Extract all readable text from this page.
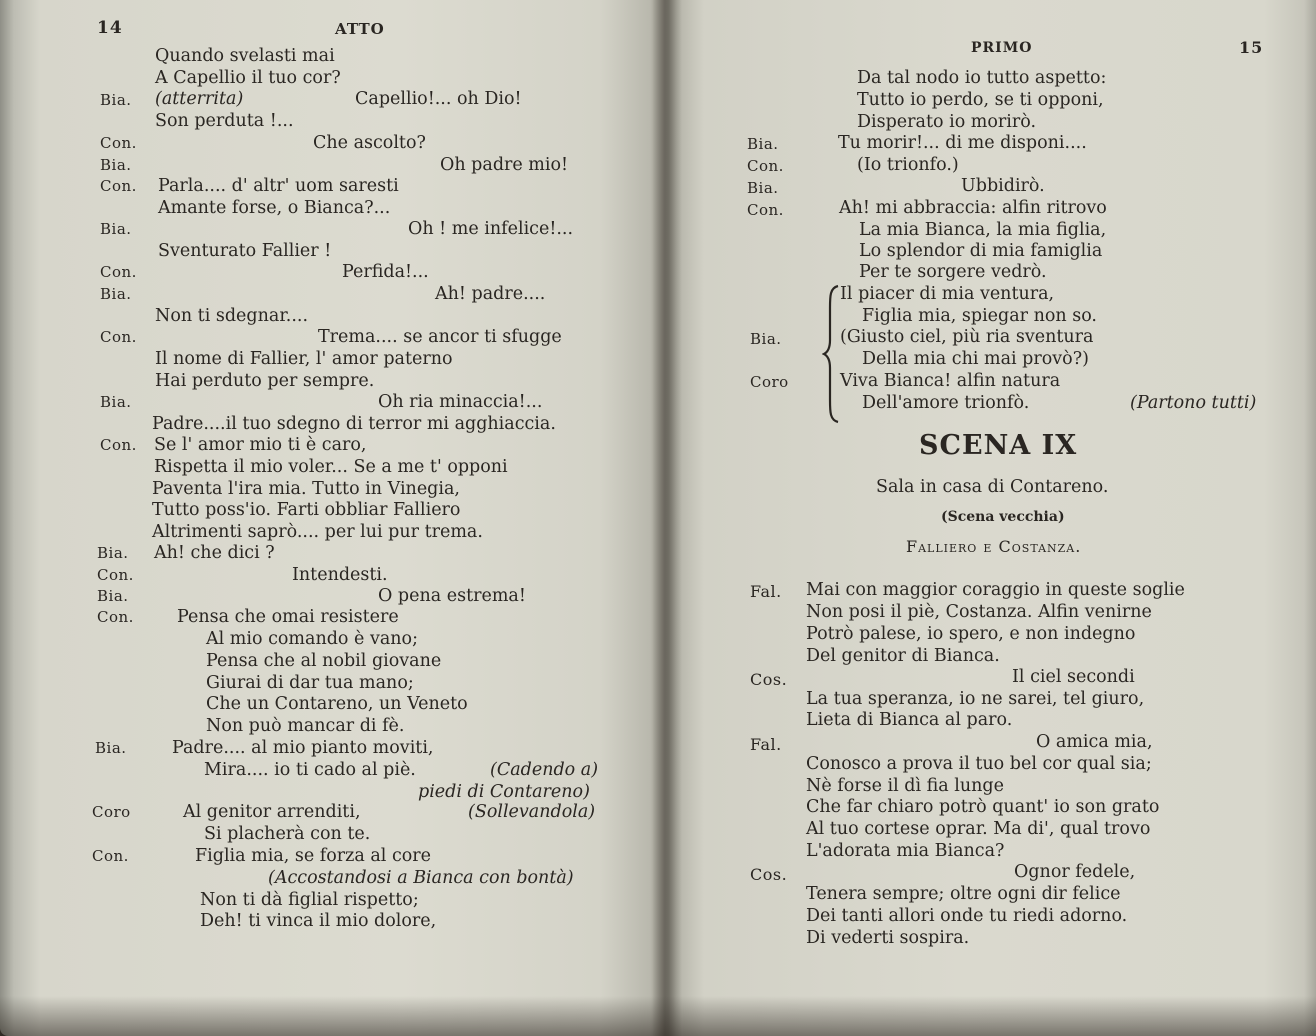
14	ATTO
Quando svelasti mai
A Capellio il tuo cor?
Bia. (atterrita)	Capellio!... oh Dio!
Son perduta !...
Con.	Che ascolto?
Bia.	Oh padre mio!
Con. Parla.... d' altr' uom saresti
Amante forse, o Bianca?...
Bia.	Oh ! me infelice!...
Sventurato Fallier !
Con.	Perfida!...
Bia.	Ah! padre....
Non ti sdegnar....
Con.	Trema.... se ancor ti sfugge
Il nome di Fallier, l' amor paterno
Hai perduto per sempre.
Bia.	Oh ria minaccia!...
Padre....il tuo sdegno di terror mi agghiaccia.
Con. Se l' amor mio ti è caro,
Rispetta il mio voler... Se a me t' opponi
Paventa l'ira mia. Tutto in Vinegia,
Tutto poss'io. Farti obbliar Falliero
Altrimenti saprò.... per lui pur trema.
Bia. Ah! che dici ?
Con.	Intendesti.
Bia.	O pena estrema!
Con. Pensa che omai resistere
Al mio comando è vano;
Pensa che al nobil giovane
Giurai di dar tua mano;
Che un Contareno, un Veneto
Non può mancar di fè.
Bia.	Padre.... al mio pianto moviti,
Mira.... io ti cado al piè.	(Cadendo a)
piedi di Contareno)
Coro	Al genitor arrenditi,	(Sollevandola)
Si placherà con te.
Con.	Figlia mia, se forza al core
(Accostandosi a Bianca con bontà)
Non ti dà figlial rispetto;
Deh! ti vinca il mio dolore,
PRIMO	15
Da tal nodo io tutto aspetto:
Tutto io perdo, se ti opponi,
Disperato io morirò.
Bia.	Tu morir!... di me disponi....
Con.	(Io trionfo.)
Bia.	Ubbidirò.
Con.	Ah! mi abbraccia: alfin ritrovo
La mia Bianca, la mia figlia,
Lo splendor di mia famiglia
Per te sorgere vedrò.
Il piacer di mia ventura,
Figlia mia, spiegar non so.
Bia.	(Giusto ciel, più ria sventura
Della mia chi mai provò?)
Coro	Viva Bianca! alfin natura
Dell'amore trionfò.	(Partono tutti)
SCENA IX
Sala in casa di Contareno.
(Scena vecchia)
Falliero e Costanza.
Fal. Mai con maggior coraggio in queste soglie
Non posi il piè, Costanza. Alfin venirne
Potrò palese, io spero, e non indegno
Del genitor di Bianca.
Cos.	Il ciel secondi
La tua speranza, io ne sarei, tel giuro,
Lieta di Bianca al paro.
Fal.	O amica mia,
Conosco a prova il tuo bel cor qual sia;
Nè forse il dì fia lunge
Che far chiaro potrò quant' io son grato
Al tuo cortese oprar. Ma di', qual trovo
L'adorata mia Bianca?
Cos.	Ognor fedele,
Tenera sempre; oltre ogni dir felice
Dei tanti allori onde tu riedi adorno.
Di vederti sospira.
